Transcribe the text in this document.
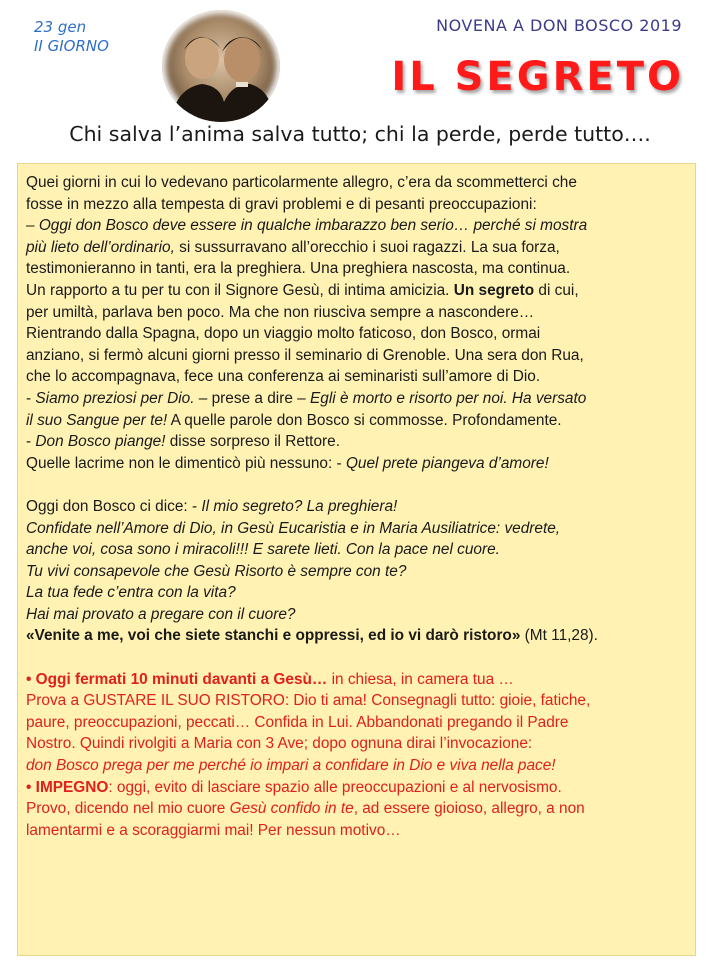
23 gen
II GIORNO
NOVENA A DON BOSCO 2019
IL SEGRETO
Chi salva l’anima salva tutto; chi la perde, perde tutto….
Quei giorni in cui lo vedevano particolarmente allegro, c’era da scommetterci che
fosse in mezzo alla tempesta di gravi problemi e di pesanti preoccupazioni:
– Oggi don Bosco deve essere in qualche imbarazzo ben serio… perché si mostra
più lieto dell’ordinario, si sussurravano all’orecchio i suoi ragazzi. La sua forza,
testimonieranno in tanti, era la preghiera. Una preghiera nascosta, ma continua.
Un rapporto a tu per tu con il Signore Gesù, di intima amicizia. Un segreto di cui,
per umiltà, parlava ben poco. Ma che non riusciva sempre a nascondere…
Rientrando dalla Spagna, dopo un viaggio molto faticoso, don Bosco, ormai
anziano, si fermò alcuni giorni presso il seminario di Grenoble. Una sera don Rua,
che lo accompagnava, fece una conferenza ai seminaristi sull’amore di Dio.
- Siamo preziosi per Dio. – prese a dire – Egli è morto e risorto per noi. Ha versato
il suo Sangue per te! A quelle parole don Bosco si commosse. Profondamente.
- Don Bosco piange! disse sorpreso il Rettore.
Quelle lacrime non le dimenticò più nessuno: - Quel prete piangeva d’amore!
Oggi don Bosco ci dice: - Il mio segreto? La preghiera!
Confidate nell’Amore di Dio, in Gesù Eucaristia e in Maria Ausiliatrice: vedrete,
anche voi, cosa sono i miracoli!!! E sarete lieti. Con la pace nel cuore.
Tu vivi consapevole che Gesù Risorto è sempre con te?
La tua fede c’entra con la vita?
Hai mai provato a pregare con il cuore?
«Venite a me, voi che siete stanchi e oppressi, ed io vi darò ristoro» (Mt 11,28).
• Oggi fermati 10 minuti davanti a Gesù… in chiesa, in camera tua …
Prova a GUSTARE IL SUO RISTORO: Dio ti ama! Consegnagli tutto: gioie, fatiche,
paure, preoccupazioni, peccati… Confida in Lui. Abbandonati pregando il Padre
Nostro. Quindi rivolgiti a Maria con 3 Ave; dopo ognuna dirai l’invocazione:
don Bosco prega per me perché io impari a confidare in Dio e viva nella pace!
• IMPEGNO: oggi, evito di lasciare spazio alle preoccupazioni e al nervosismo.
Provo, dicendo nel mio cuore Gesù confido in te, ad essere gioioso, allegro, a non
lamentarmi e a scoraggiarmi mai! Per nessun motivo…
